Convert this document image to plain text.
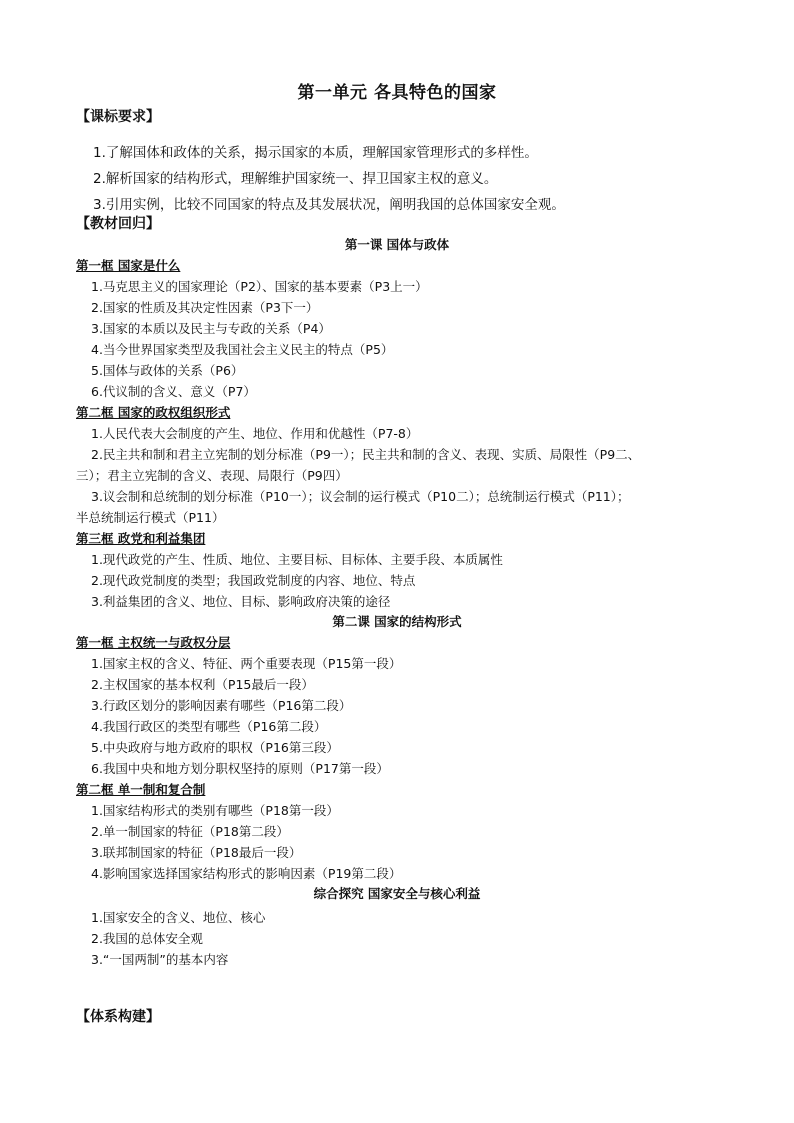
第一单元 各具特色的国家
【课标要求】
1.了解国体和政体的关系，揭示国家的本质，理解国家管理形式的多样性。
2.解析国家的结构形式，理解维护国家统一、捍卫国家主权的意义。
3.引用实例，比较不同国家的特点及其发展状况，阐明我国的总体国家安全观。
【教材回归】
第一课 国体与政体
第一框 国家是什么
1.马克思主义的国家理论（P2）、国家的基本要素（P3上一）
2.国家的性质及其决定性因素（P3下一）
3.国家的本质以及民主与专政的关系（P4）
4.当今世界国家类型及我国社会主义民主的特点（P5）
5.国体与政体的关系（P6）
6.代议制的含义、意义（P7）
第二框 国家的政权组织形式
1.人民代表大会制度的产生、地位、作用和优越性（P7-8）
2.民主共和制和君主立宪制的划分标准（P9一）；民主共和制的含义、表现、实质、局限性（P9二、
三）；君主立宪制的含义、表现、局限行（P9四）
3.议会制和总统制的划分标准（P10一）；议会制的运行模式（P10二）；总统制运行模式（P11）；
半总统制运行模式（P11）
第三框 政党和利益集团
1.现代政党的产生、性质、地位、主要目标、目标体、主要手段、本质属性
2.现代政党制度的类型；我国政党制度的内容、地位、特点
3.利益集团的含义、地位、目标、影响政府决策的途径
第二课 国家的结构形式
第一框 主权统一与政权分层
1.国家主权的含义、特征、两个重要表现（P15第一段）
2.主权国家的基本权利（P15最后一段）
3.行政区划分的影响因素有哪些（P16第二段）
4.我国行政区的类型有哪些（P16第二段）
5.中央政府与地方政府的职权（P16第三段）
6.我国中央和地方划分职权坚持的原则（P17第一段）
第二框 单一制和复合制
1.国家结构形式的类别有哪些（P18第一段）
2.单一制国家的特征（P18第二段）
3.联邦制国家的特征（P18最后一段）
4.影响国家选择国家结构形式的影响因素（P19第二段）
综合探究 国家安全与核心利益
1.国家安全的含义、地位、核心
2.我国的总体安全观
3.“一国两制”的基本内容
【体系构建】
